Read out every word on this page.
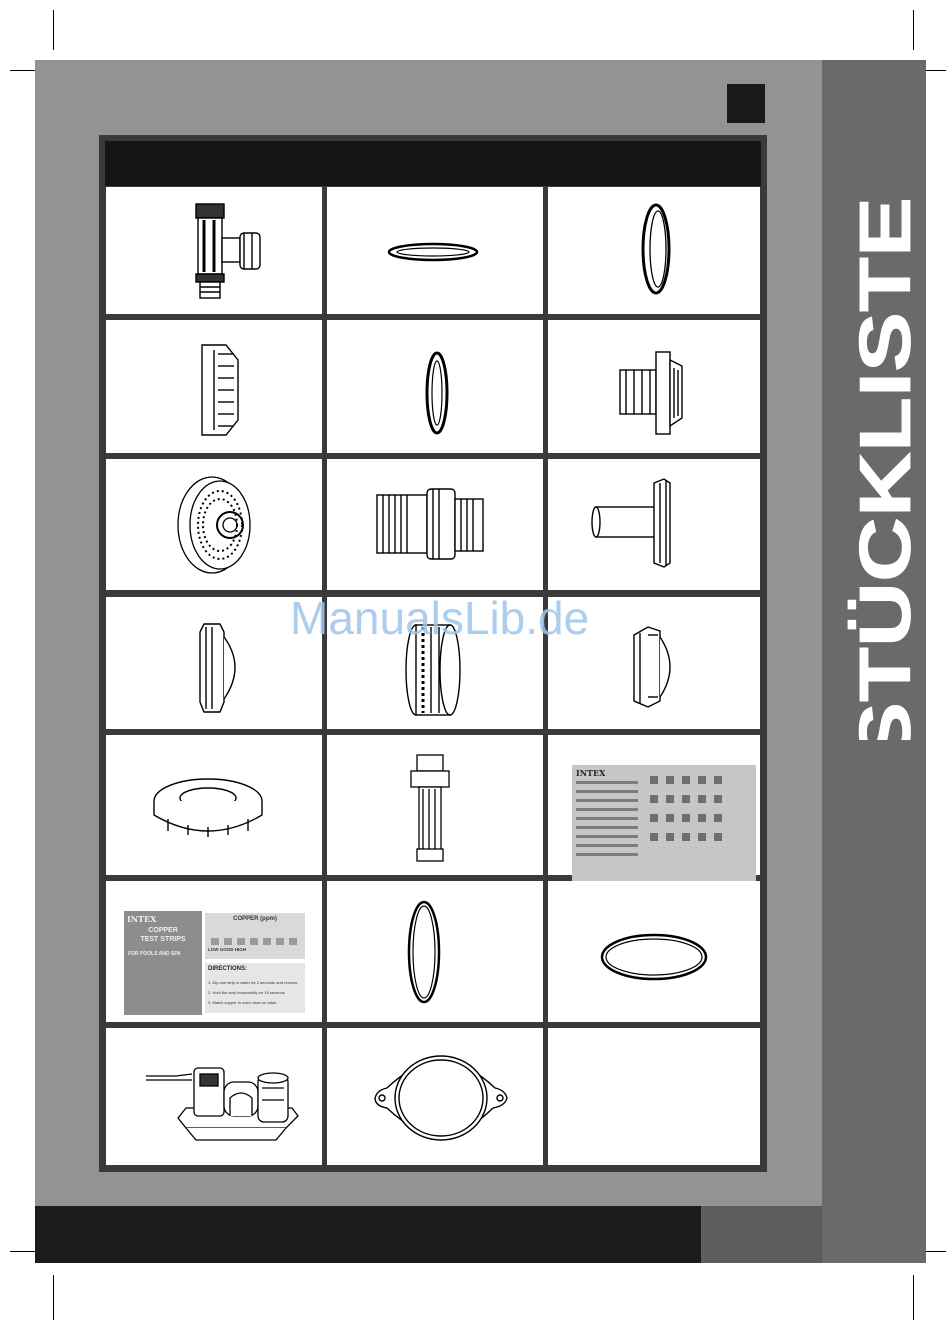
STÜCKLISTE
INTEX
INTEX
COPPER
TEST STRIPS
FOR POOLS AND SPA
COPPER (ppm)
LOW GOOD HIGH
DIRECTIONS:
1. Dip one strip in water for 2 seconds and remove.
2. Hold the strip horizontally for 15 seconds.
3. Match copper to color chart on label.
ManualsLib.de
